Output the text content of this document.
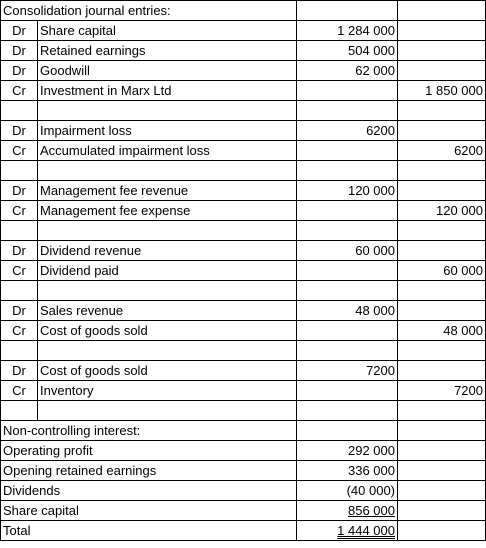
Consolidation journal entries:			
Dr	Share capital	1 284 000	
Dr	Retained earnings	504 000	
Dr	Goodwill	62 000	
Cr	Investment in Marx Ltd		1 850 000

Dr	Impairment loss	6200	
Cr	Accumulated impairment loss		6200

Dr	Management fee revenue	120 000	
Cr	Management fee expense		120 000

Dr	Dividend revenue	60 000	
Cr	Dividend paid		60 000

Dr	Sales revenue	48 000	
Cr	Cost of goods sold		48 000

Dr	Cost of goods sold	7200	
Cr	Inventory		7200

Non-controlling interest:			
Operating profit		292 000	
Opening retained earnings		336 000	
Dividends		(40 000)	
Share capital		856 000	
Total		1 444 000	
